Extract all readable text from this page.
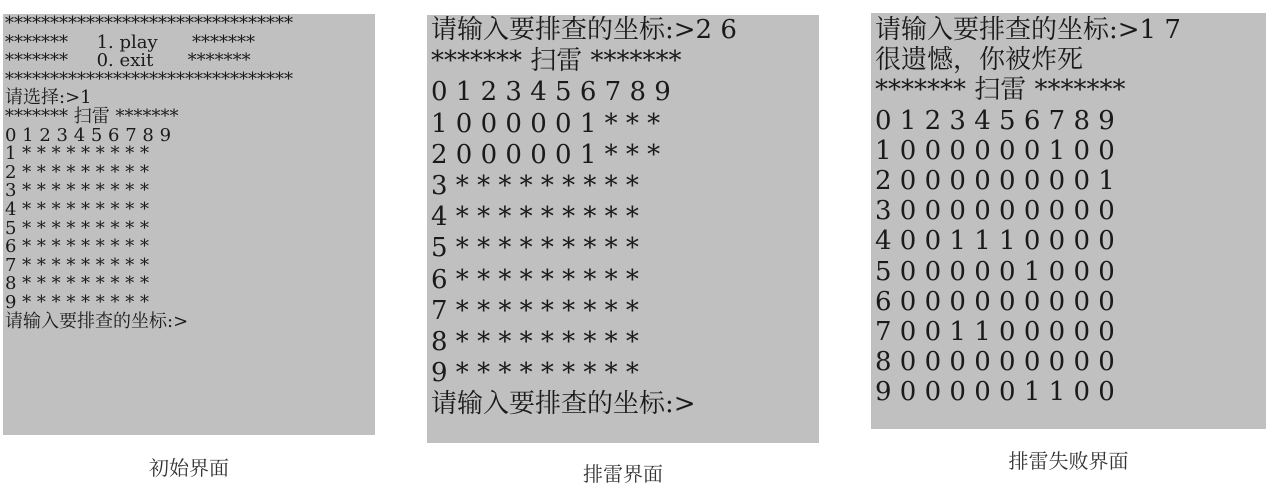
********************************
*******     1. play      *******
*******     0. exit      *******
********************************
请选择:>1
******* 扫雷 *******
0 1 2 3 4 5 6 7 8 9
1 * * * * * * * * *
2 * * * * * * * * *
3 * * * * * * * * *
4 * * * * * * * * *
5 * * * * * * * * *
6 * * * * * * * * *
7 * * * * * * * * *
8 * * * * * * * * *
9 * * * * * * * * *
请输入要排查的坐标:>
初始界面
请输入要排查的坐标:>2 6
******* 扫雷 *******
0 1 2 3 4 5 6 7 8 9
1 0 0 0 0 0 1 * * *
2 0 0 0 0 0 1 * * *
3 * * * * * * * * *
4 * * * * * * * * *
5 * * * * * * * * *
6 * * * * * * * * *
7 * * * * * * * * *
8 * * * * * * * * *
9 * * * * * * * * *
请输入要排查的坐标:>
排雷界面
请输入要排查的坐标:>1 7
很遗憾，你被炸死
******* 扫雷 *******
0 1 2 3 4 5 6 7 8 9
1 0 0 0 0 0 0 1 0 0
2 0 0 0 0 0 0 0 0 1
3 0 0 0 0 0 0 0 0 0
4 0 0 1 1 1 0 0 0 0
5 0 0 0 0 0 1 0 0 0
6 0 0 0 0 0 0 0 0 0
7 0 0 1 1 0 0 0 0 0
8 0 0 0 0 0 0 0 0 0
9 0 0 0 0 0 1 1 0 0
排雷失败界面
